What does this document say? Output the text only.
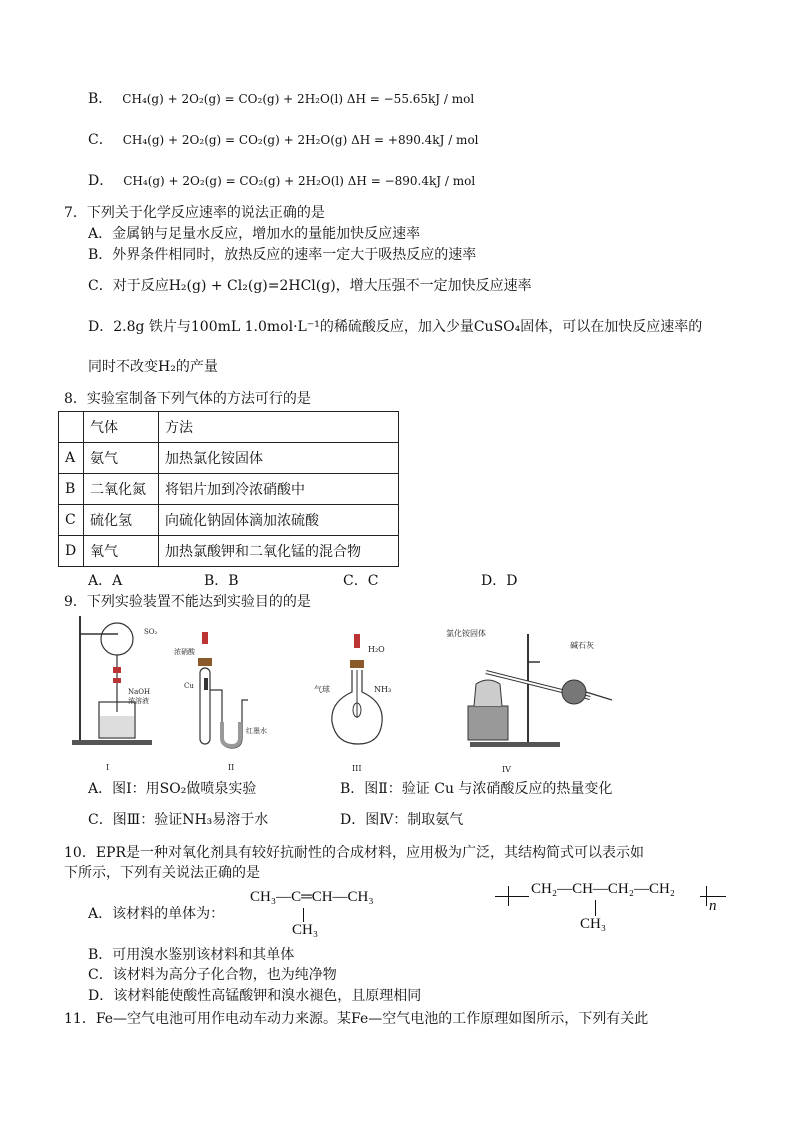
B． CH₄(g) + 2O₂(g) = CO₂(g) + 2H₂O(l) ΔH = −55.65kJ / mol
C． CH₄(g) + 2O₂(g) = CO₂(g) + 2H₂O(g) ΔH = +890.4kJ / mol
D． CH₄(g) + 2O₂(g) = CO₂(g) + 2H₂O(l) ΔH = −890.4kJ / mol
7．下列关于化学反应速率的说法正确的是
A．金属钠与足量水反应，增加水的量能加快反应速率
B．外界条件相同时，放热反应的速率一定大于吸热反应的速率
C．对于反应H₂(g) + Cl₂(g)=2HCl(g)，增大压强不一定加快反应速率
D．2.8g 铁片与100mL 1.0mol·L⁻¹的稀硫酸反应，加入少量CuSO₄固体，可以在加快反应速率的
同时不改变H₂的产量
8．实验室制备下列气体的方法可行的是
	气体	方法
A	氨气	加热氯化铵固体
B	二氧化氮	将铝片加到冷浓硝酸中
C	硫化氢	向硫化钠固体滴加浓硫酸
D	氧气	加热氯酸钾和二氧化锰的混合物
A．A	B．B	C．C	D．D
9．下列实验装置不能达到实验目的的是
SO₂
NaOH
浓溶液
I
浓硝酸
Cu
红墨水
II
H₂O
气球	NH₃
III
氯化铵固体
碱石灰
IV
A．图Ⅰ：用SO₂做喷泉实验	B．图Ⅱ：验证 Cu 与浓硝酸反应的热量变化
C．图Ⅲ：验证NH₃易溶于水	D．图Ⅳ：制取氨气
10．EPR是一种对氧化剂具有较好抗耐性的合成材料，应用极为广泛，其结构简式可以表示如
下所示，下列有关说法正确的是
A．该材料的单体为：
CH₃—C═CH—CH₃
CH₃
CH₂—CH—CH₂—CH₂
n
CH₃
B．可用溴水鉴别该材料和其单体
C．该材料为高分子化合物，也为纯净物
D．该材料能使酸性高锰酸钾和溴水褪色，且原理相同
11．Fe—空气电池可用作电动车动力来源。某Fe—空气电池的工作原理如图所示，下列有关此
